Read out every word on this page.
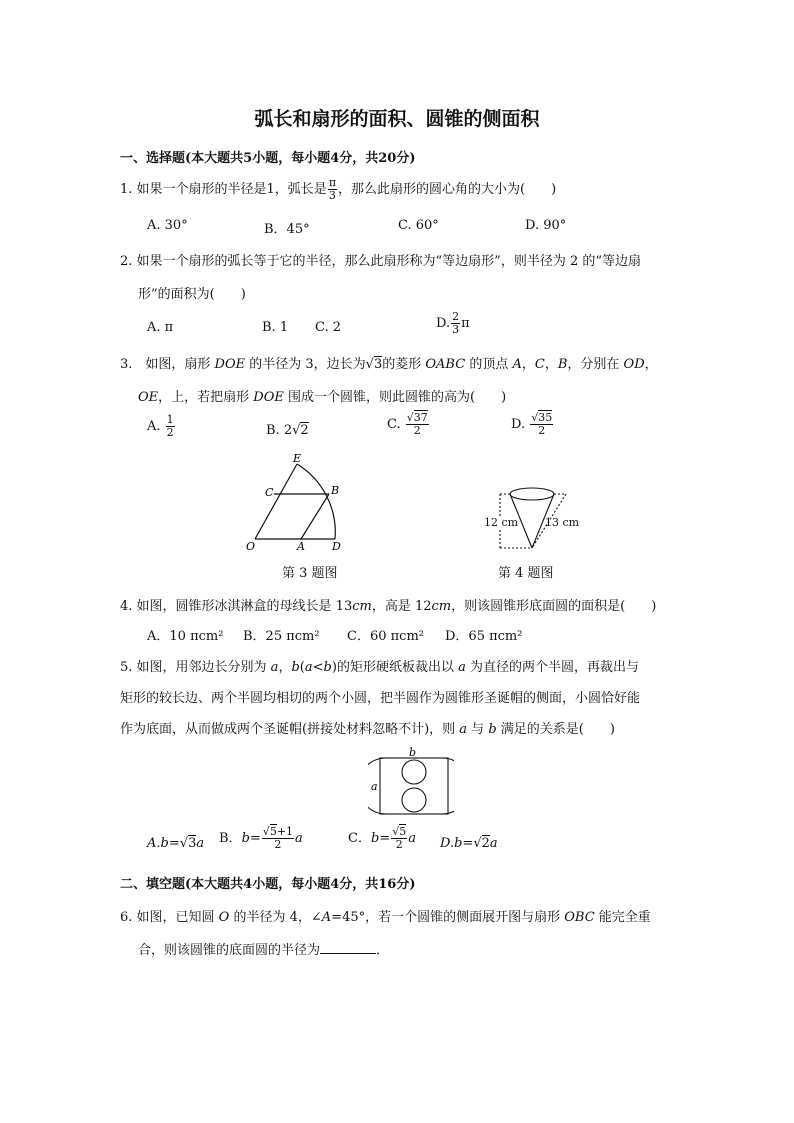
弧长和扇形的面积、圆锥的侧面积
一、选择题(本大题共5小题，每小题4分，共20分)
1. 如果一个扇形的半径是1，弧长是 $\frac{\pi}{3}$ ，那么此扇形的圆心角的大小为(　　)
A. 30°	B．45°	C. 60°	D. 90°
2. 如果一个扇形的弧长等于它的半径，那么此扇形称为“等边扇形”，则半径为 2 的“等边扇
形”的面积为(　　)
A. π	B. 1 C. 2	D. $\frac{2}{3}$ π
3.　如图，扇形 DOE 的半径为 3，边长为√3的菱形 OABC 的顶点 A，C，B，分别在 OD，
OE，上，若把扇形 DOE 围成一个圆锥，则此圆锥的高为(　　)
A. $\frac{1}{2}$	B. 2√2	C. $\frac{√37}{2}$	D. $\frac{√35}{2}$
E
C	B
O	A D
第 3 题图
12 cm 13 cm
第 4 题图
4. 如图，圆锥形冰淇淋盒的母线长是 13cm，高是 12cm，则该圆锥形底面圆的面积是(　　)
A．10 πcm² B．25 πcm² C．60 πcm² D．65 πcm²
5. 如图，用邻边长分别为 a，b(a<b)的矩形硬纸板裁出以 a 为直径的两个半圆，再裁出与
矩形的较长边、两个半圆均相切的两个小圆，把半圆作为圆锥形圣诞帽的侧面，小圆恰好能
作为底面，从而做成两个圣诞帽(拼接处材料忽略不计)，则 a 与 b 满足的关系是(　　)
b
a
A.b=√3a B．$b= \frac{√5+1}{2}$ a	C．$b= \frac{√5}{2}$ a D.b=√2a
二、填空题(本大题共4小题，每小题4分，共16分)
6. 如图，已知圆 O 的半径为 4，∠A=45°，若一个圆锥的侧面展开图与扇形 OBC 能完全重
合，则该圆锥的底面圆的半径为	．
